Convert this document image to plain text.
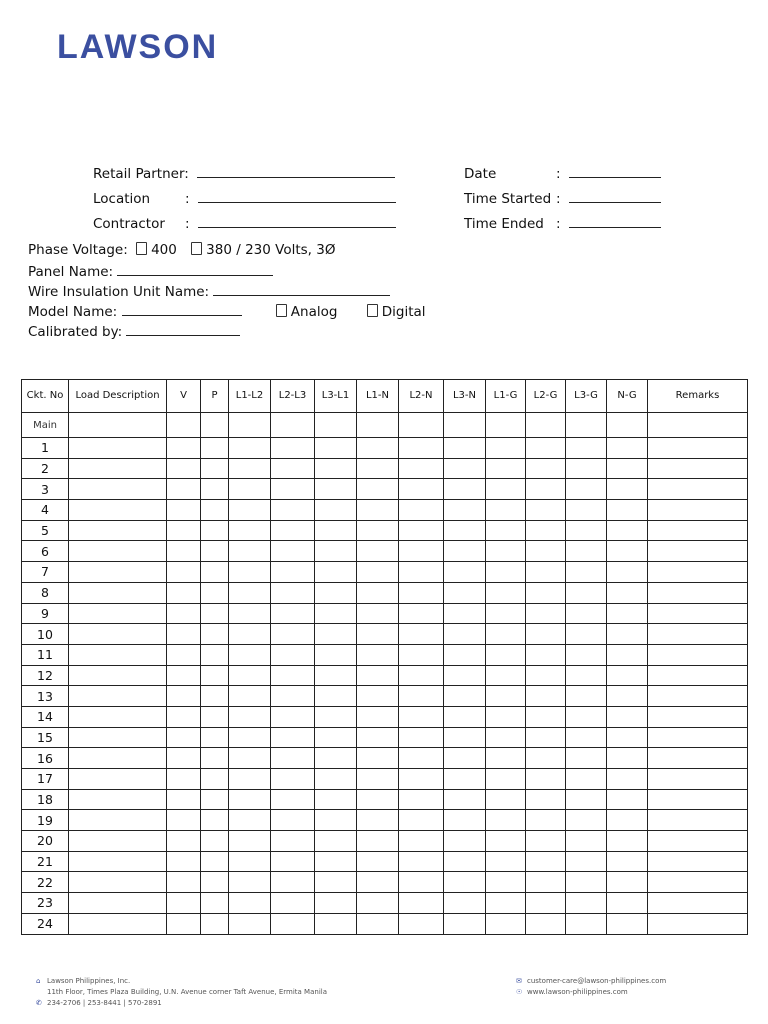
LAWSON
Retail Partner:
Location	:
Contractor :
Date	:
Time Started :
Time Ended :
Phase Voltage: 400 380 / 230 Volts, 3Ø
Panel Name:
Wire Insulation Unit Name:
Model Name:	Analog	Digital
Calibrated by:
Ckt. No	Load Description	V	P	L1-L2	L2-L3	L3-L1	L1-N	L2-N	L3-N	L1-G	L2-G	L3-G	N-G	Remarks
Main														
1														
2														
3														
4														
5														
6														
7														
8														
9														
10														
11														
12														
13														
14														
15														
16														
17														
18														
19														
20														
21														
22														
23														
24														
⌂ Lawson Philippines, Inc.
11th Floor, Times Plaza Building, U.N. Avenue corner Taft Avenue, Ermita Manila
✆ 234-2706 | 253-8441 | 570-2891
✉ customer-care@lawson-philippines.com
☉ www.lawson-philippines.com
